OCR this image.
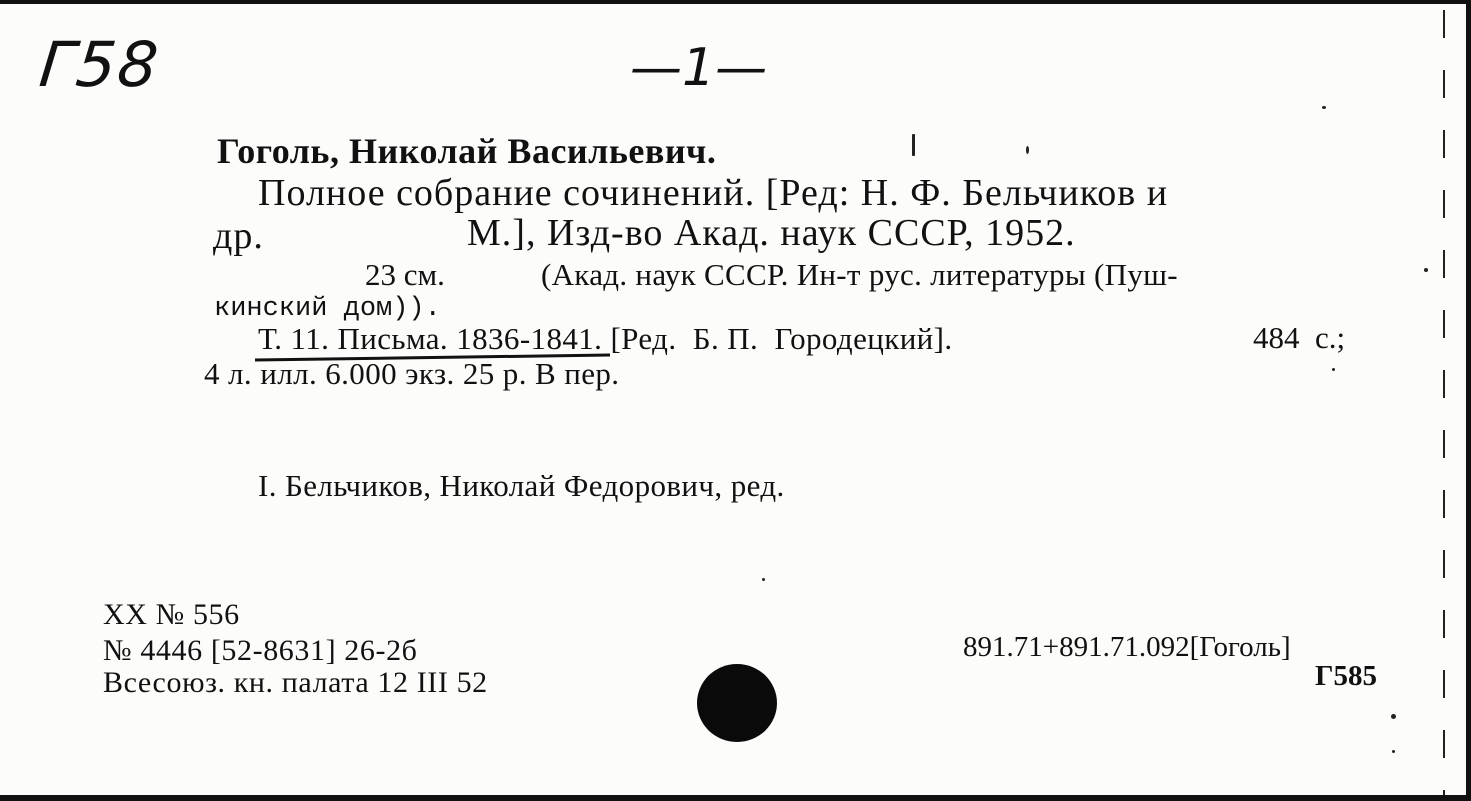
Г58	—1—
Гоголь, Николай Васильевич.
Полное собрание сочинений. [Ред: Н. Ф. Бельчиков и
др.	М.], Изд-во Акад. наук СССР, 1952.
23 см.	(Акад. наук СССР. Ин-т рус. литературы (Пуш-
кинский дом)).
Т. 11. Письма. 1836-1841. [Ред.  Б. П.  Городецкий].	484  с.;
4 л. илл. 6.000 экз. 25 р. В пер.
I. Бельчиков, Николай Федорович, ред.
XX № 556
№ 4446 [52-8631] 26-2б
Всесоюз. кн. палата 12 III 52
891.71+891.71.092[Гоголь]
Г585
